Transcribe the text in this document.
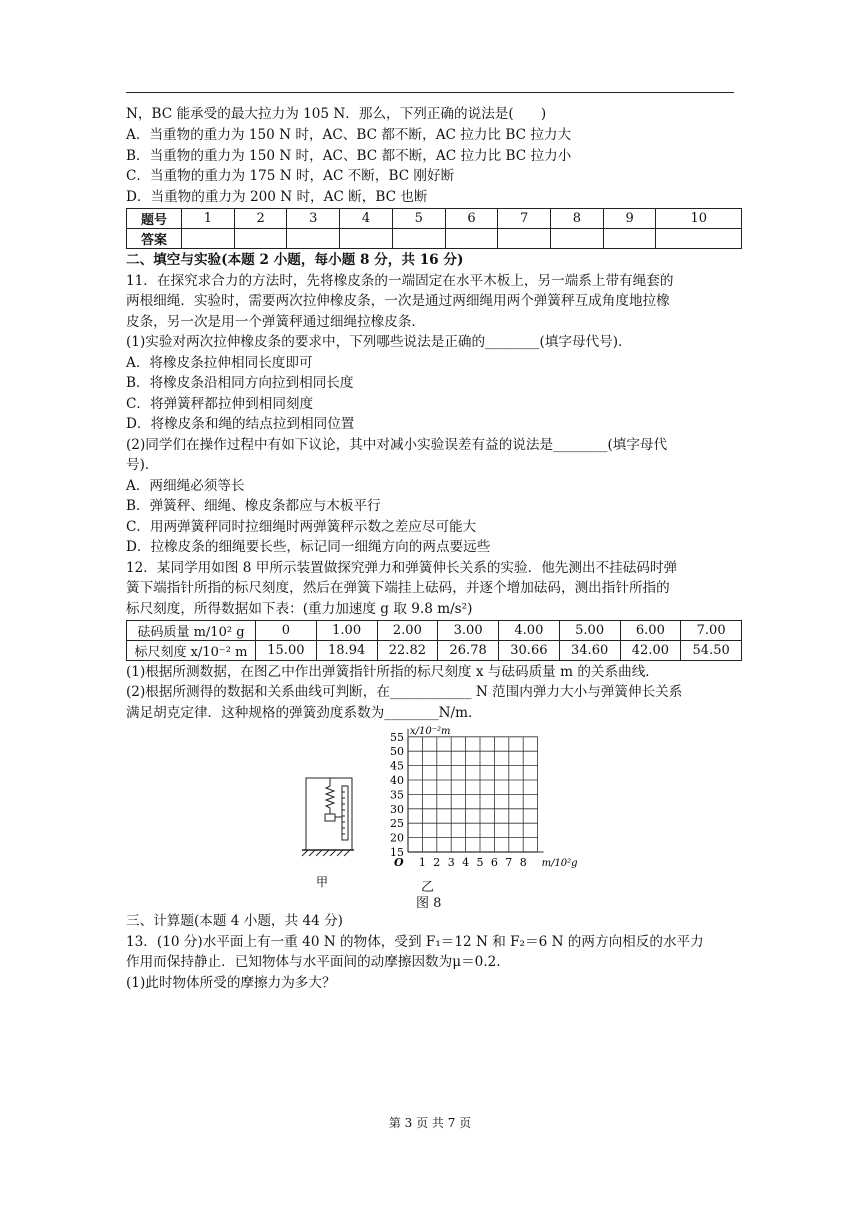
N，BC 能承受的最大拉力为 105 N．那么，下列正确的说法是(　　)
A．当重物的重力为 150 N 时，AC、BC 都不断，AC 拉力比 BC 拉力大
B．当重物的重力为 150 N 时，AC、BC 都不断，AC 拉力比 BC 拉力小
C．当重物的重力为 175 N 时，AC 不断，BC 刚好断
D．当重物的重力为 200 N 时，AC 断，BC 也断
题号	1	2	3	4	5	6	7	8	9	10
答案										
二、填空与实验(本题 2 小题，每小题 8 分，共 16 分)
11．在探究求合力的方法时，先将橡皮条的一端固定在水平木板上，另一端系上带有绳套的
两根细绳．实验时，需要两次拉伸橡皮条，一次是通过两细绳用两个弹簧秤互成角度地拉橡
皮条，另一次是用一个弹簧秤通过细绳拉橡皮条．
(1)实验对两次拉伸橡皮条的要求中，下列哪些说法是正确的________(填字母代号)．
A．将橡皮条拉伸相同长度即可
B．将橡皮条沿相同方向拉到相同长度
C．将弹簧秤都拉伸到相同刻度
D．将橡皮条和绳的结点拉到相同位置
(2)同学们在操作过程中有如下议论，其中对减小实验误差有益的说法是________(填字母代
号)．
A．两细绳必须等长
B．弹簧秤、细绳、橡皮条都应与木板平行
C．用两弹簧秤同时拉细绳时两弹簧秤示数之差应尽可能大
D．拉橡皮条的细绳要长些，标记同一细绳方向的两点要远些
12．某同学用如图 8 甲所示装置做探究弹力和弹簧伸长关系的实验．他先测出不挂砝码时弹
簧下端指针所指的标尺刻度，然后在弹簧下端挂上砝码，并逐个增加砝码，测出指针所指的
标尺刻度，所得数据如下表：(重力加速度 g 取 9.8 m/s²)
砝码质量 m/10² g	0	1.00	2.00	3.00	4.00	5.00	6.00	7.00
标尺刻度 x/10⁻² m	15.00	18.94	22.82	26.78	30.66	34.60	42.00	54.50
(1)根据所测数据，在图乙中作出弹簧指针所指的标尺刻度 x 与砝码质量 m 的关系曲线．
(2)根据所测得的数据和关系曲线可判断，在____________ N 范围内弹力大小与弹簧伸长关系
满足胡克定律．这种规格的弹簧劲度系数为________N/m.
甲
15
20
25
30
35
40
45
50
55
1 2 3 4 5 6 7 8
O
x/10⁻²m
m/10²g
乙
图 8
三、计算题(本题 4 小题，共 44 分)
13．(10 分)水平面上有一重 40 N 的物体，受到 F₁＝12 N 和 F₂＝6 N 的两方向相反的水平力
作用而保持静止．已知物体与水平面间的动摩擦因数为μ＝0.2.
(1)此时物体所受的摩擦力为多大？
第 3 页 共 7 页
